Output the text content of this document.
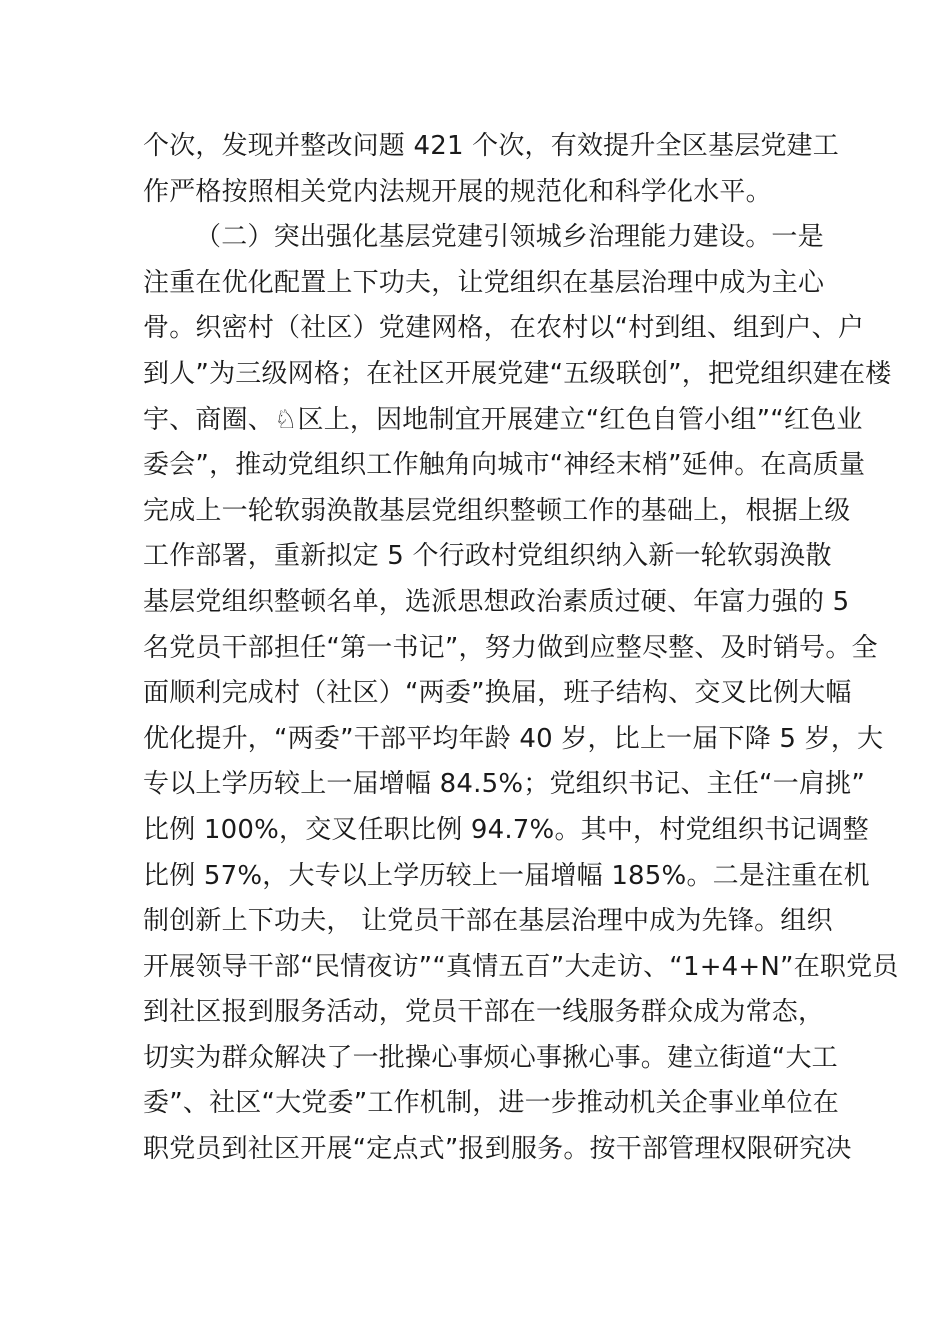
个次，发现并整改问题 421 个次，有效提升全区基层党建工
作严格按照相关党内法规开展的规范化和科学化水平。
（二）突出强化基层党建引领城乡治理能力建设。一是
注重在优化配置上下功夫，让党组织在基层治理中成为主心
骨。织密村（社区）党建网格，在农村以“村到组、组到户、户
到人”为三级网格；在社区开展党建“五级联创”，把党组织建在楼
宇、商圈、♘区上，因地制宜开展建立“红色自管小组”“红色业
委会”，推动党组织工作触角向城市“神经末梢”延伸。在高质量
完成上一轮软弱涣散基层党组织整顿工作的基础上，根据上级
工作部署，重新拟定 5 个行政村党组织纳入新一轮软弱涣散
基层党组织整顿名单，选派思想政治素质过硬、年富力强的 5
名党员干部担任“第一书记”，努力做到应整尽整、及时销号。全
面顺利完成村（社区）“两委”换届，班子结构、交叉比例大幅
优化提升，“两委”干部平均年龄 40 岁，比上一届下降 5 岁，大
专以上学历较上一届增幅 84.5%；党组织书记、主任“一肩挑”
比例 100%，交叉任职比例 94.7%。其中，村党组织书记调整
比例 57%，大专以上学历较上一届增幅 185%。二是注重在机
制创新上下功夫， 让党员干部在基层治理中成为先锋。组织
开展领导干部“民情夜访”“真情五百”大走访、“1+4+N”在职党员
到社区报到服务活动，党员干部在一线服务群众成为常态，
切实为群众解决了一批操心事烦心事揪心事。建立街道“大工
委”、社区“大党委”工作机制，进一步推动机关企事业单位在
职党员到社区开展“定点式”报到服务。按干部管理权限研究决
